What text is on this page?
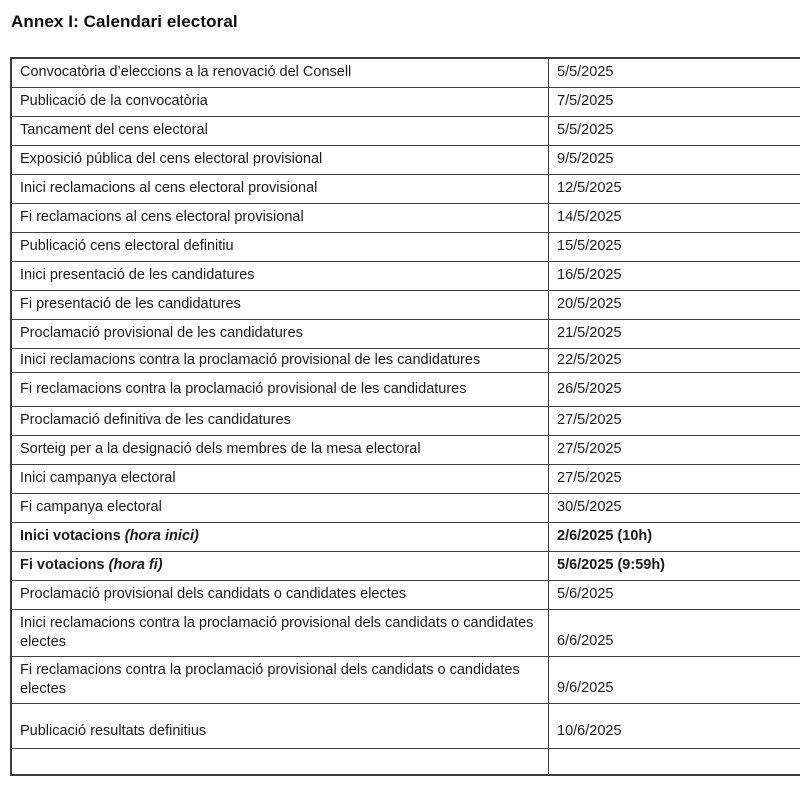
Annex I: Calendari electoral
Convocatòria d’eleccions a la renovació del Consell	5/5/2025
Publicació de la convocatòria	7/5/2025
Tancament del cens electoral	5/5/2025
Exposició pública del cens electoral provisional	9/5/2025
Inici reclamacions al cens electoral provisional	12/5/2025
Fi reclamacions al cens electoral provisional	14/5/2025
Publicació cens electoral definitiu	15/5/2025
Inici presentació de les candidatures	16/5/2025
Fi presentació de les candidatures	20/5/2025
Proclamació provisional de les candidatures	21/5/2025
Inici reclamacions contra la proclamació provisional de les candidatures	22/5/2025
Fi reclamacions contra la proclamació provisional de les candidatures	26/5/2025
Proclamació definitiva de les candidatures	27/5/2025
Sorteig per a la designació dels membres de la mesa electoral	27/5/2025
Inici campanya electoral	27/5/2025
Fi campanya electoral	30/5/2025
Inici votacions (hora inici)	2/6/2025 (10h)
Fi votacions (hora fi)	5/6/2025 (9:59h)
Proclamació provisional dels candidats o candidates electes	5/6/2025
Inici reclamacions contra la proclamació provisional dels candidats o candidates electes	6/6/2025
Fi reclamacions contra la proclamació provisional dels candidats o candidates electes	9/6/2025
Publicació resultats definitius	10/6/2025
